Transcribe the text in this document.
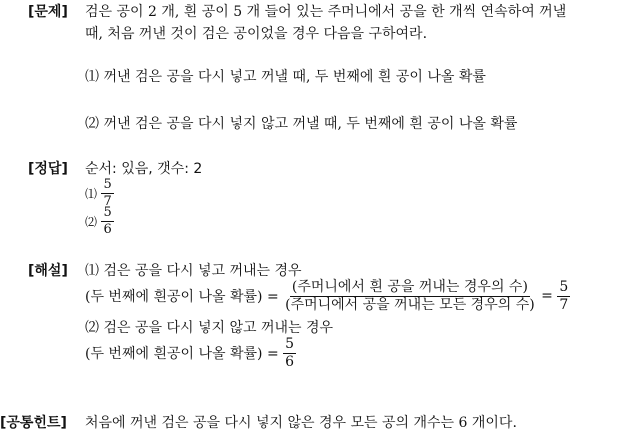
[문제] 검은 공이 2 개, 흰 공이 5 개 들어 있는 주머니에서 공을 한 개씩 연속하여 꺼낼
때, 처음 꺼낸 것이 검은 공이었을 경우 다음을 구하여라.
⑴ 꺼낸 검은 공을 다시 넣고 꺼낼 때, 두 번째에 흰 공이 나올 확률
⑵ 꺼낸 검은 공을 다시 넣지 않고 꺼낼 때, 두 번째에 흰 공이 나올 확률
[정답] 순서: 있음, 갯수: 2
⑴ $\frac{5}{7}$
⑵ $\frac{5}{6}$
[해설] ⑴ 검은 공을 다시 넣고 꺼내는 경우
(두 번째에 흰공이 나올 확률) = $\frac{\text{(주머니에서 흰 공을 꺼내는 경우의 수)}}{\text{(주머니에서 공을 꺼내는 모든 경우의 수)}} = \frac{5}{7}$
⑵ 검은 공을 다시 넣지 않고 꺼내는 경우
(두 번째에 흰공이 나올 확률) = $\frac{5}{6}$
[공통힌트] 처음에 꺼낸 검은 공을 다시 넣지 않은 경우 모든 공의 개수는 6 개이다.
